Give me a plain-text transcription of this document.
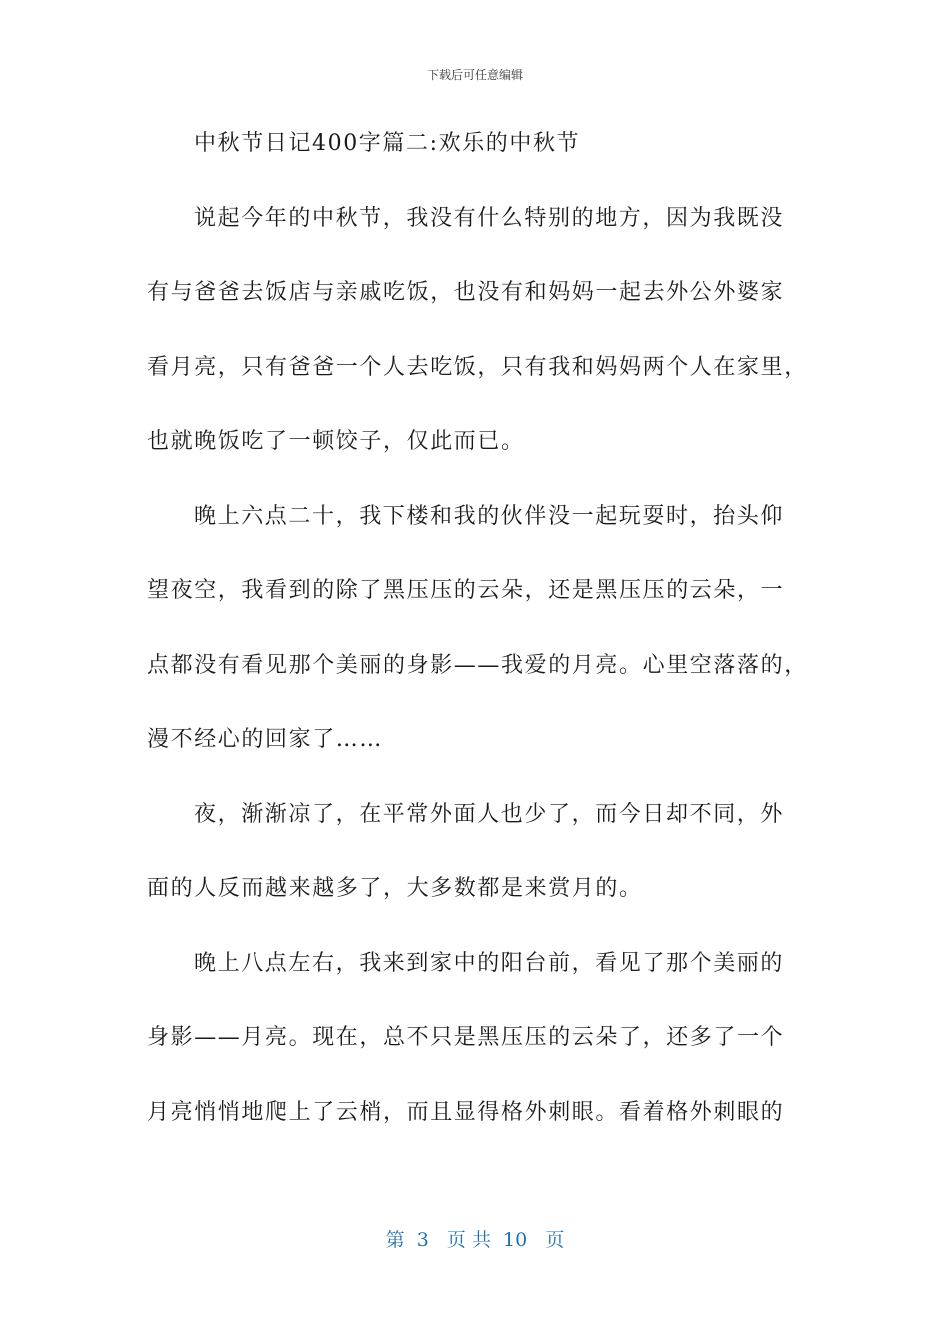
下载后可任意编辑
中秋节日记400字篇二:欢乐的中秋节
说起今年的中秋节，我没有什么特别的地方，因为我既没
有与爸爸去饭店与亲戚吃饭，也没有和妈妈一起去外公外婆家
看月亮，只有爸爸一个人去吃饭，只有我和妈妈两个人在家里，
也就晚饭吃了一顿饺子，仅此而已。
晚上六点二十，我下楼和我的伙伴没一起玩耍时，抬头仰
望夜空，我看到的除了黑压压的云朵，还是黑压压的云朵，一
点都没有看见那个美丽的身影——我爱的月亮。心里空落落的，
漫不经心的回家了……
夜，渐渐凉了，在平常外面人也少了，而今日却不同，外
面的人反而越来越多了，大多数都是来赏月的。
晚上八点左右，我来到家中的阳台前，看见了那个美丽的
身影——月亮。现在，总不只是黑压压的云朵了，还多了一个
月亮悄悄地爬上了云梢，而且显得格外刺眼。看着格外刺眼的
第  3   页 共  10   页
